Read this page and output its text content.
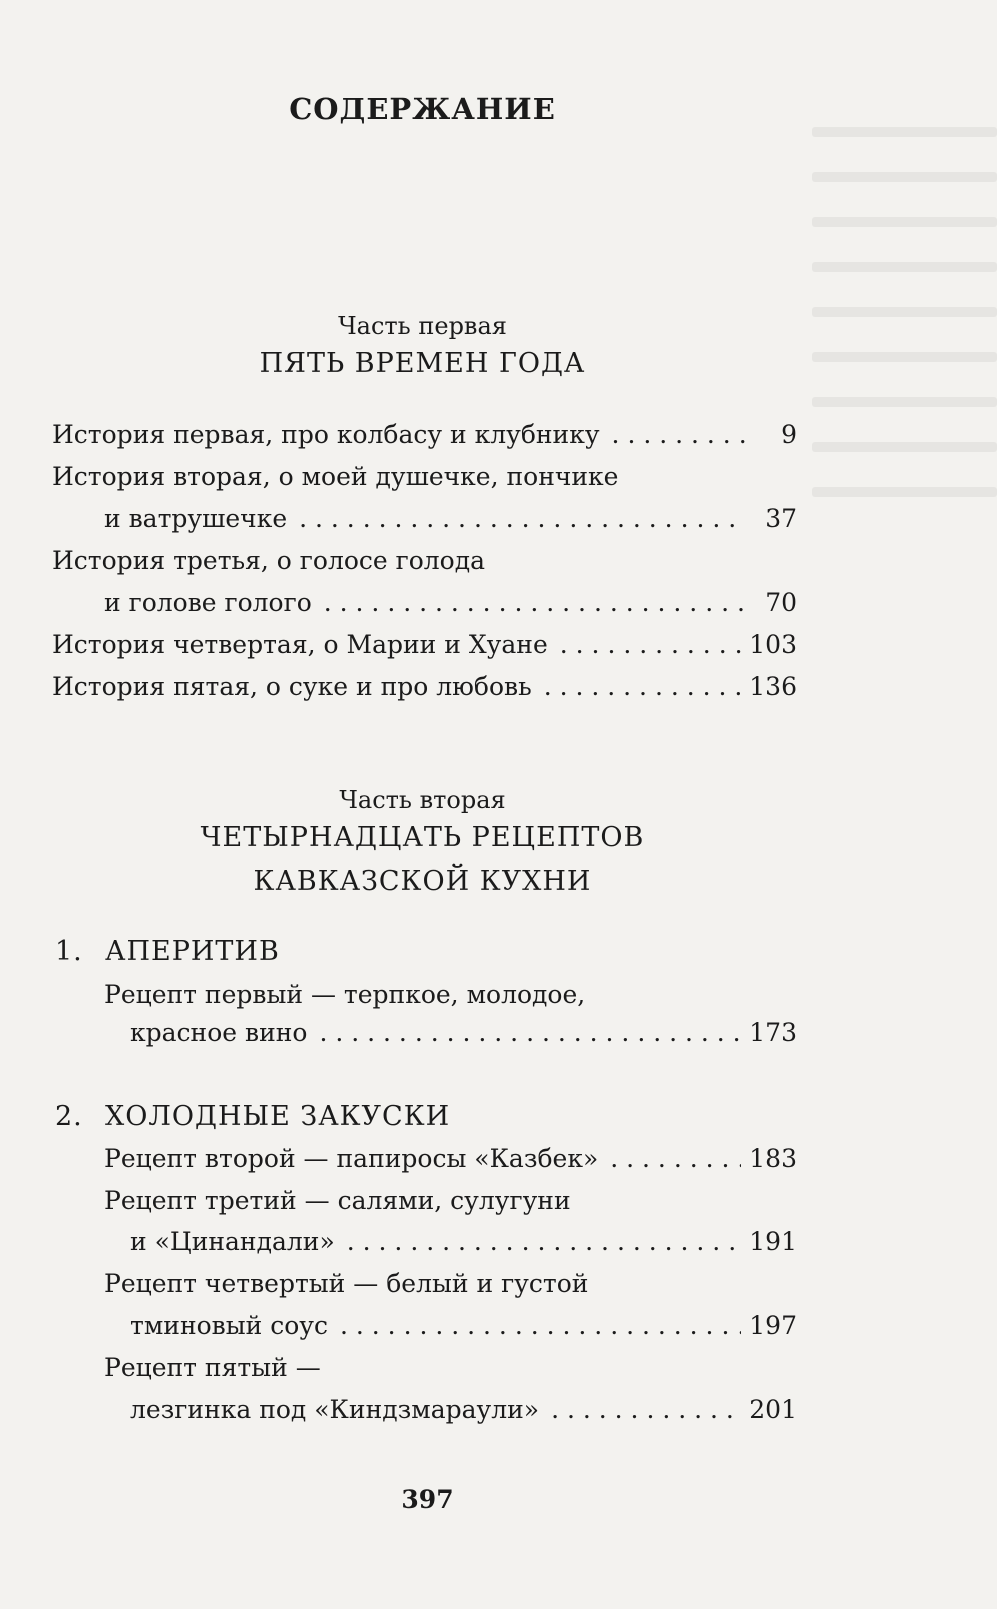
СОДЕРЖАНИЕ
Часть первая
ПЯТЬ ВРЕМЕН ГОДА
История первая, про колбасу и клубнику . . .	9
История вторая, о моей душечке, пончике
и ватрушечке . . .	37
История третья, о голосе голода
и голове голого . . .	70
История четвертая, о Марии и Хуане . . .	103
История пятая, о суке и про любовь . . .	136
Часть вторая
ЧЕТЫРНАДЦАТЬ РЕЦЕПТОВ
КАВКАЗСКОЙ КУХНИ
1. АПЕРИТИВ
Рецепт первый — терпкое, молодое,
красное вино . . .	173
2. ХОЛОДНЫЕ ЗАКУСКИ
Рецепт второй — папиросы «Казбек» . . .	183
Рецепт третий — салями, сулугуни
и «Цинандали» . . .	191
Рецепт четвертый — белый и густой
тминовый соус . . .	197
Рецепт пятый —
лезгинка под «Киндзмараули» . . .	201
397
